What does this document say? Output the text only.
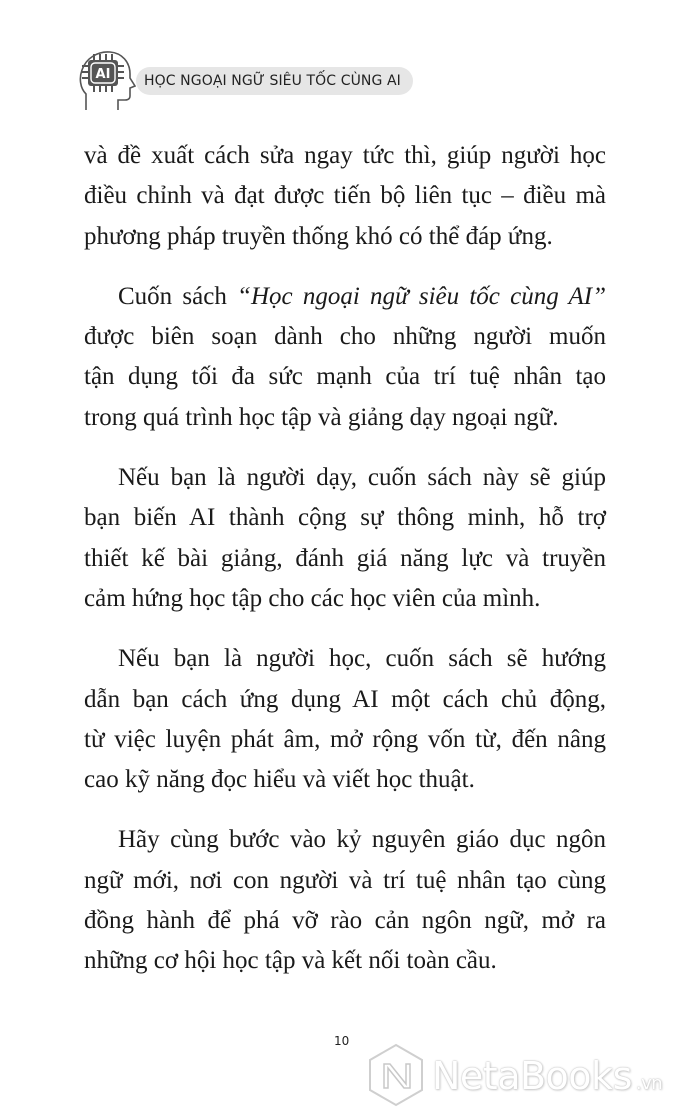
AI	HỌC NGOẠI NGỮ SIÊU TỐC CÙNG AI
và đề xuất cách sửa ngay tức thì, giúp người học
điều chỉnh và đạt được tiến bộ liên tục – điều mà
phương pháp truyền thống khó có thể đáp ứng.
Cuốn sách “Học ngoại ngữ siêu tốc cùng AI”
được biên soạn dành cho những người muốn
tận dụng tối đa sức mạnh của trí tuệ nhân tạo
trong quá trình học tập và giảng dạy ngoại ngữ.
Nếu bạn là người dạy, cuốn sách này sẽ giúp
bạn biến AI thành cộng sự thông minh, hỗ trợ
thiết kế bài giảng, đánh giá năng lực và truyền
cảm hứng học tập cho các học viên của mình.
Nếu bạn là người học, cuốn sách sẽ hướng
dẫn bạn cách ứng dụng AI một cách chủ động,
từ việc luyện phát âm, mở rộng vốn từ, đến nâng
cao kỹ năng đọc hiểu và viết học thuật.
Hãy cùng bước vào kỷ nguyên giáo dục ngôn
ngữ mới, nơi con người và trí tuệ nhân tạo cùng
đồng hành để phá vỡ rào cản ngôn ngữ, mở ra
những cơ hội học tập và kết nối toàn cầu.
10
NetaBooks .vn
